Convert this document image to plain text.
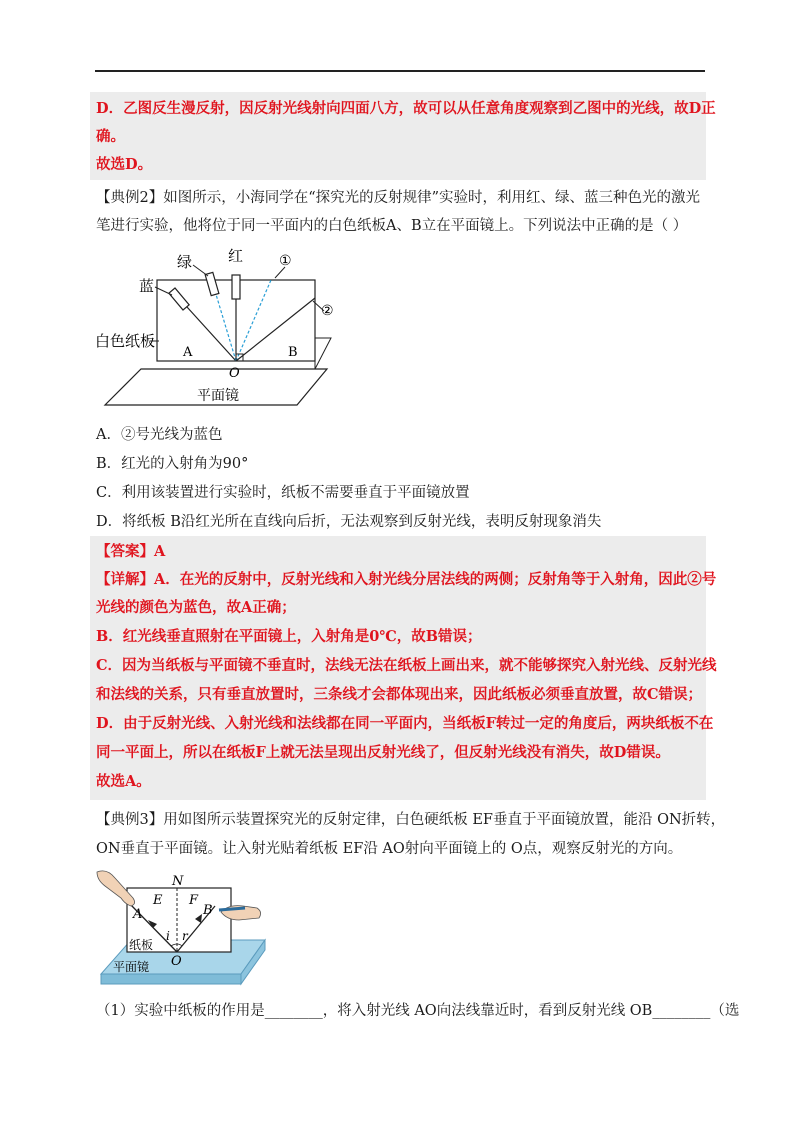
D．乙图反生漫反射，因反射光线射向四面八方，故可以从任意角度观察到乙图中的光线，故D正
确。
故选D。
【典例2】如图所示，小海同学在“探究光的反射规律”实验时，利用红、绿、蓝三种色光的激光
笔进行实验，他将位于同一平面内的白色纸板A、B立在平面镜上。下列说法中正确的是（ ）
绿 红
蓝
①
②
白色纸板
A	B
O
平面镜
A．②号光线为蓝色
B．红光的入射角为90°
C．利用该装置进行实验时，纸板不需要垂直于平面镜放置
D．将纸板 B沿红光所在直线向后折，无法观察到反射光线，表明反射现象消失
【答案】A
【详解】A．在光的反射中，反射光线和入射光线分居法线的两侧；反射角等于入射角，因此②号
光线的颜色为蓝色，故A正确；
B．红光线垂直照射在平面镜上，入射角是0℃，故B错误；
C．因为当纸板与平面镜不垂直时，法线无法在纸板上画出来，就不能够探究入射光线、反射光线
和法线的关系，只有垂直放置时，三条线才会都体现出来，因此纸板必须垂直放置，故C错误；
D．由于反射光线、入射光线和法线都在同一平面内，当纸板F转过一定的角度后，两块纸板不在
同一平面上，所以在纸板F上就无法呈现出反射光线了，但反射光线没有消失，故D错误。
故选A。
【典例3】用如图所示装置探究光的反射定律，白色硬纸板 EF垂直于平面镜放置，能沿 ON折转，
ON垂直于平面镜。让入射光贴着纸板 EF沿 AO射向平面镜上的 O点，观察反射光的方向。
N
E F
A	B
i r
O
纸板
平面镜
（1）实验中纸板的作用是________，将入射光线 AO向法线靠近时，看到反射光线 OB________（选
